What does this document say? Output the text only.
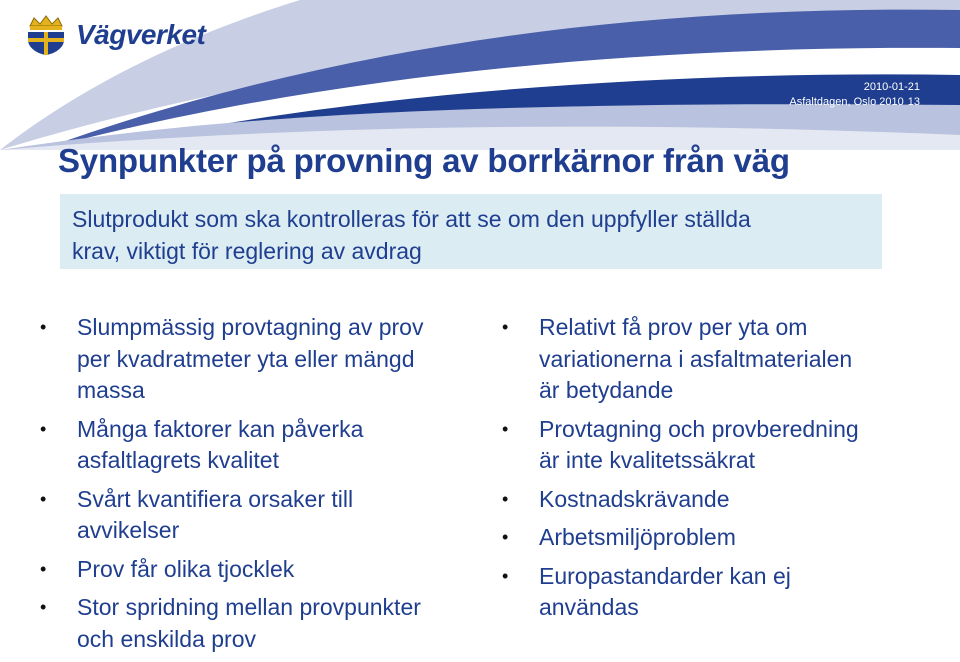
Vägverket
2010-01-21
Asfaltdagen, Oslo 2010 13
Synpunkter på provning av borrkärnor från väg
Slutprodukt som ska kontrolleras för att se om den uppfyller ställda
krav, viktigt för reglering av avdrag
• Slumpmässig provtagning av prov
per kvadratmeter yta eller mängd
massa
• Många faktorer kan påverka
asfaltlagrets kvalitet
• Svårt kvantifiera orsaker till
avvikelser
• Prov får olika tjocklek
• Stor spridning mellan provpunkter
och enskilda prov
• Relativt få prov per yta om
variationerna i asfaltmaterialen
är betydande
• Provtagning och provberedning
är inte kvalitetssäkrat
• Kostnadskrävande
• Arbetsmiljöproblem
• Europastandarder kan ej
användas
